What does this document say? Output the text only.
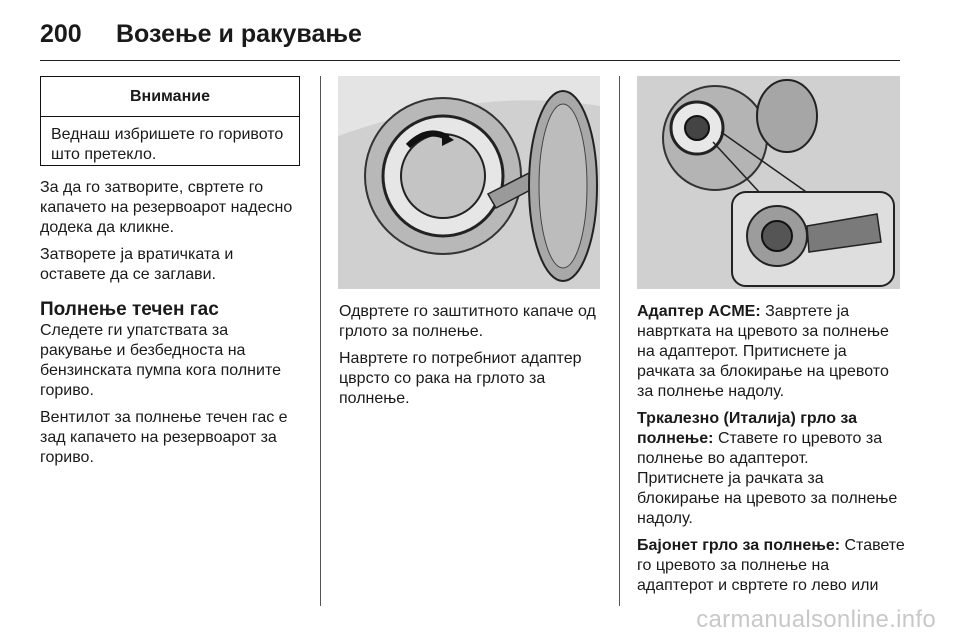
200 Возење и ракување
Внимание
Веднаш избришете го горивото што претекло.

За да го затворите, свртете го капачето на резервоарот надесно додека да кликне.

Затворете ја вратичката и оставете да се заглави.

Полнење течен гас

Следете ги упатствата за ракување и безбедноста на бензинската пумпа кога полните гориво.

Вентилот за полнење течен гас е зад капачето на резервоарот за гориво.

Одвртете го заштитното капаче од грлото за полнење.

Навртете го потребниот адаптер цврсто со рака на грлото за полнење.

Адаптер ACME: Завртете ја навртката на цревото за полнење на адаптерот. Притиснете ја рачката за блокирање на цревото за полнење надолу.

Тркалезно (Италија) грло за полнење: Ставете го цревото за полнење во адаптерот.

Притиснете ја рачката за блокирање на цревото за полнење надолу.

Бајонет грло за полнење: Ставете го цревото за полнење на адаптерот и свртете го лево или

carmanualsonline.info
